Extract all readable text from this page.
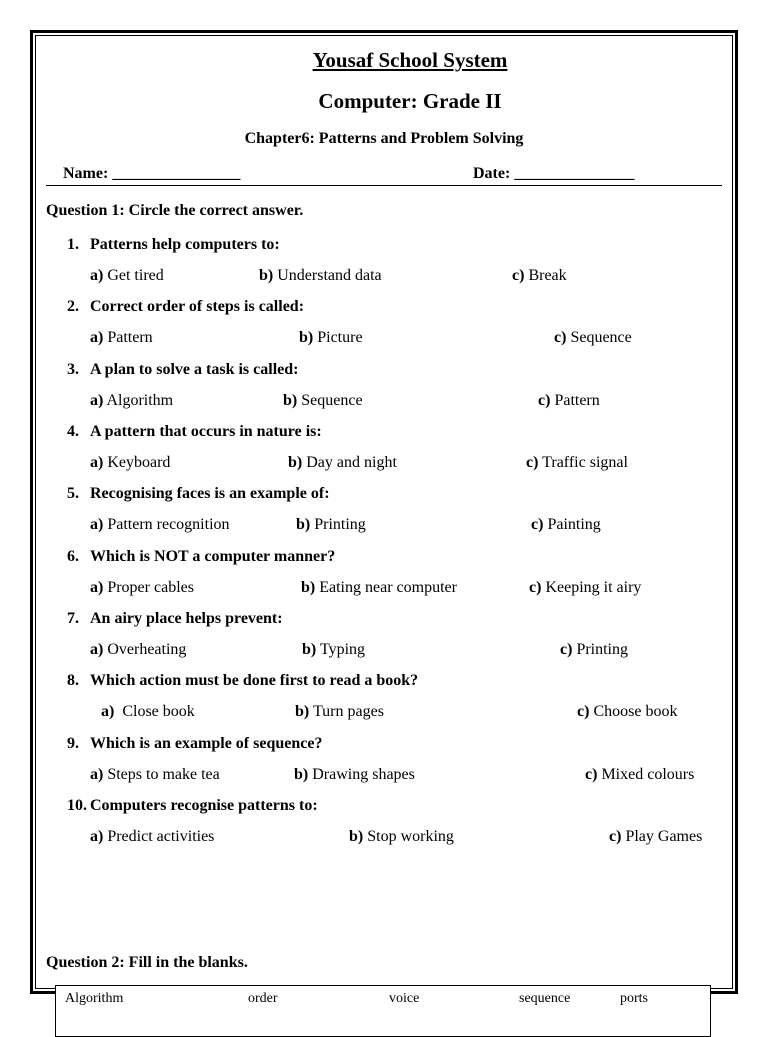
Yousaf School System
Computer: Grade II
Chapter6: Patterns and Problem Solving
Name: ________________	Date: _______________
Question 1: Circle the correct answer.
1. Patterns help computers to:
a) Get tired	b) Understand data	c) Break
2. Correct order of steps is called:
a) Pattern	b) Picture	c) Sequence
3. A plan to solve a task is called:
a) Algorithm	b) Sequence	c) Pattern
4. A pattern that occurs in nature is:
a) Keyboard	b) Day and night	c) Traffic signal
5. Recognising faces is an example of:
a) Pattern recognition	b) Printing	c) Painting
6. Which is NOT a computer manner?
a) Proper cables	b) Eating near computer	c) Keeping it airy
7. An airy place helps prevent:
a) Overheating	b) Typing	c) Printing
8. Which action must be done first to read a book?
a) Close book	b) Turn pages	c) Choose book
9. Which is an example of sequence?
a) Steps to make tea	b) Drawing shapes	c) Mixed colours
10. Computers recognise patterns to:
a) Predict activities	b) Stop working	c) Play Games
Question 2: Fill in the blanks.
Algorithm	order	voice	sequence	ports
